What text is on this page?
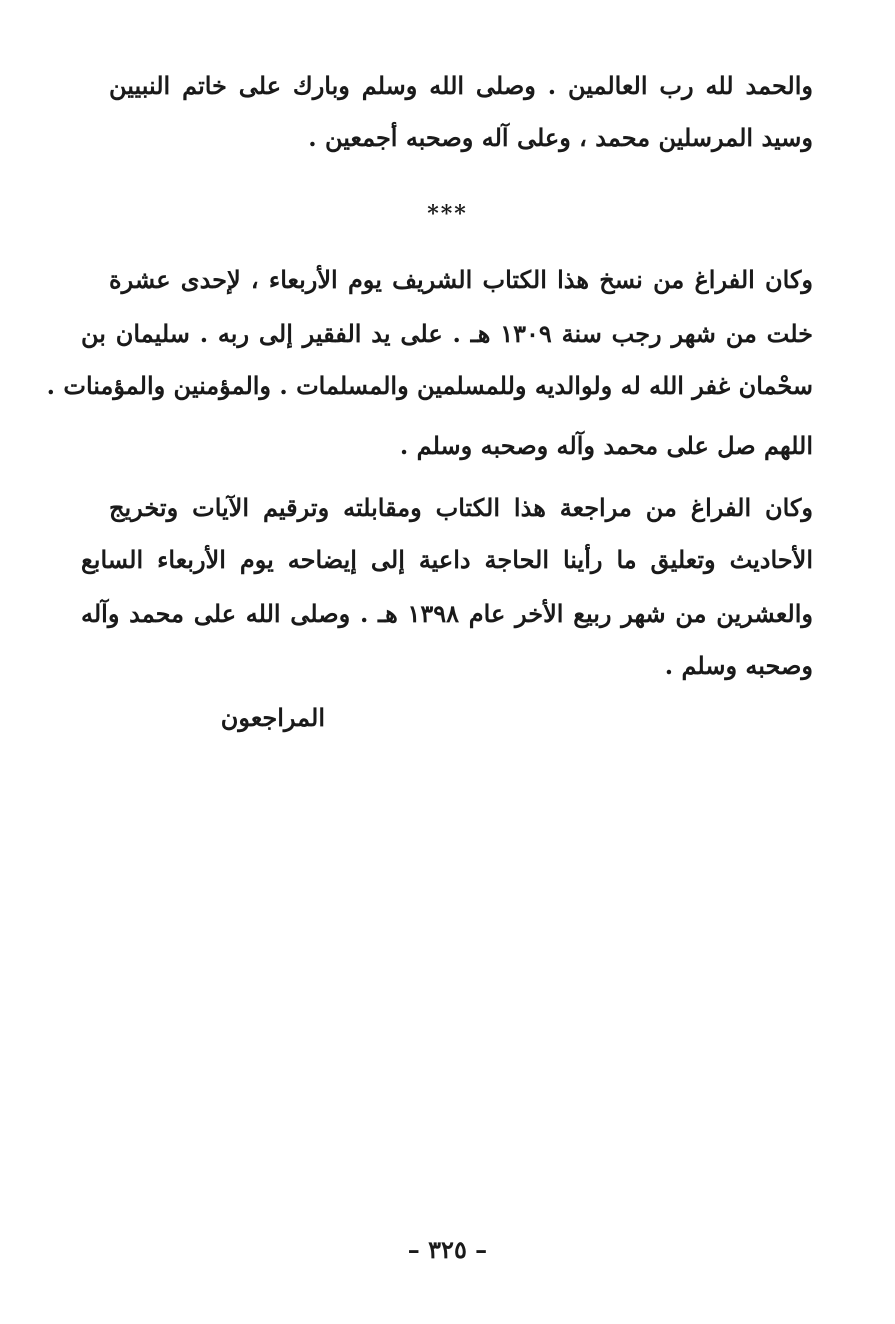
والحمد لله رب العالمين . وصلى الله وسلم وبارك على خاتم النبيين
وسيد المرسلين محمد ، وعلى آله وصحبه أجمعين .
***
وكان الفراغ من نسخ هذا الكتاب الشريف يوم الأربعاء ، لإحدى عشرة
خلت من شهر رجب سنة ١٣٠٩ هـ . على يد الفقير إلى ربه . سليمان بن
سحْمان غفر الله له ولوالديه وللمسلمين والمسلمات . والمؤمنين والمؤمنات .
اللهم صل على محمد وآله وصحبه وسلم .
وكان الفراغ من مراجعة هذا الكتاب ومقابلته وترقيم الآيات وتخريج
الأحاديث وتعليق ما رأينا الحاجة داعية إلى إيضاحه يوم الأربعاء السابع
والعشرين من شهر ربيع الأخر عام ١٣٩٨ هـ . وصلى الله على محمد وآله
وصحبه وسلم .
المراجعون
– ٣٢٥ –
